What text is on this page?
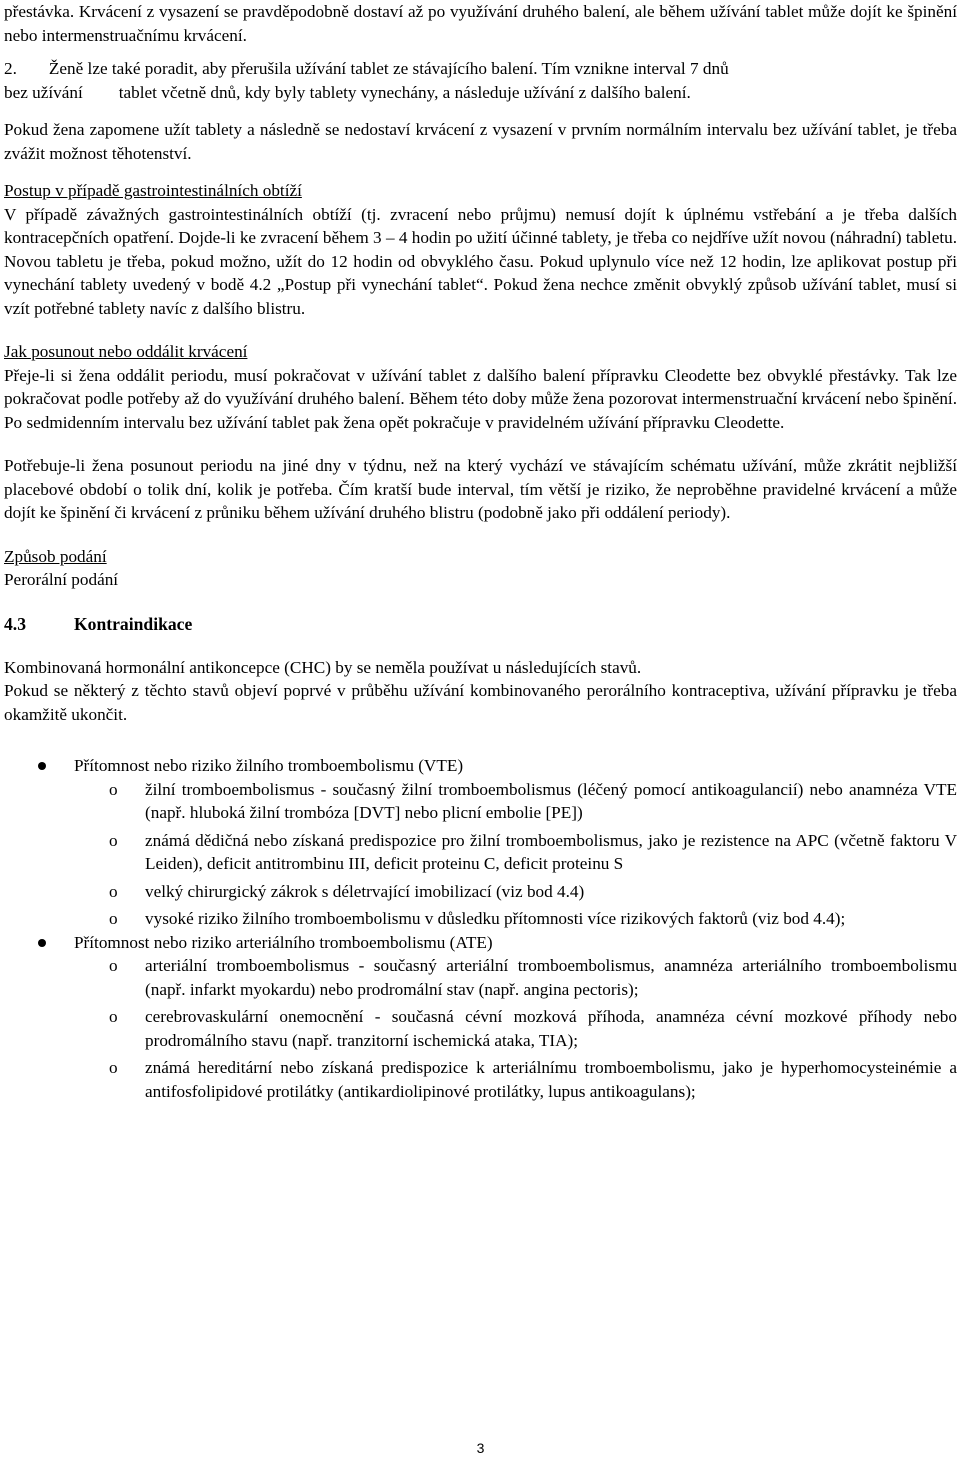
přestávka. Krvácení z vysazení se pravděpodobně dostaví až po využívání druhého balení, ale během užívání tablet může dojít ke špinění nebo intermenstruačnímu krvácení.

2. Ženě lze také poradit, aby přerušila užívání tablet ze stávajícího balení. Tím vznikne interval 7 dnů
bez užívání tablet včetně dnů, kdy byly tablety vynechány, a následuje užívání z dalšího balení.

Pokud žena zapomene užít tablety a následně se nedostaví krvácení z vysazení v prvním normálním intervalu bez užívání tablet, je třeba zvážit možnost těhotenství.

Postup v případě gastrointestinálních obtíží

V případě závažných gastrointestinálních obtíží (tj. zvracení nebo průjmu) nemusí dojít k úplnému vstřebání a je třeba dalších kontracepčních opatření. Dojde-li ke zvracení během 3 – 4 hodin po užití účinné tablety, je třeba co nejdříve užít novou (náhradní) tabletu. Novou tabletu je třeba, pokud možno, užít do 12 hodin od obvyklého času. Pokud uplynulo více než 12 hodin, lze aplikovat postup při vynechání tablety uvedený v bodě 4.2 „Postup při vynechání tablet“. Pokud žena nechce změnit obvyklý způsob užívání tablet, musí si vzít potřebné tablety navíc z dalšího blistru.

Jak posunout nebo oddálit krvácení

Přeje-li si žena oddálit periodu, musí pokračovat v užívání tablet z dalšího balení přípravku Cleodette bez obvyklé přestávky. Tak lze pokračovat podle potřeby až do využívání druhého balení. Během této doby může žena pozorovat intermenstruační krvácení nebo špinění. Po sedmidenním intervalu bez užívání tablet pak žena opět pokračuje v pravidelném užívání přípravku Cleodette.

Potřebuje-li žena posunout periodu na jiné dny v týdnu, než na který vychází ve stávajícím schématu užívání, může zkrátit nejbližší placebové období o tolik dní, kolik je potřeba. Čím kratší bude interval, tím větší je riziko, že neproběhne pravidelné krvácení a může dojít ke špinění či krvácení z průniku během užívání druhého blistru (podobně jako při oddálení periody).

Způsob podání

Perorální podání

4.3	Kontraindikace

Kombinovaná hormonální antikoncepce (CHC) by se neměla používat u následujících stavů.

Pokud se některý z těchto stavů objeví poprvé v průběhu užívání kombinovaného perorálního kontraceptiva, užívání přípravku je třeba okamžitě ukončit.

Přítomnost nebo riziko žilního tromboembolismu (VTE)
o žilní tromboembolismus - současný žilní tromboembolismus (léčený pomocí antikoagulancií) nebo anamnéza VTE (např. hluboká žilní trombóza [DVT] nebo plicní embolie [PE])
o známá dědičná nebo získaná predispozice pro žilní tromboembolismus, jako je rezistence na APC (včetně faktoru V Leiden), deficit antitrombinu III, deficit proteinu C, deficit proteinu S
o velký chirurgický zákrok s déletrvající imobilizací (viz bod 4.4)
o vysoké riziko žilního tromboembolismu v důsledku přítomnosti více rizikových faktorů (viz bod 4.4);
Přítomnost nebo riziko arteriálního tromboembolismu (ATE)
o arteriální tromboembolismus - současný arteriální tromboembolismus, anamnéza arteriálního tromboembolismu (např. infarkt myokardu) nebo prodromální stav (např. angina pectoris);
o cerebrovaskulární onemocnění - současná cévní mozková příhoda, anamnéza cévní mozkové příhody nebo prodromálního stavu (např. tranzitorní ischemická ataka, TIA);
o známá hereditární nebo získaná predispozice k arteriálnímu tromboembolismu, jako je hyperhomocysteinémie a antifosfolipidové protilátky (antikardiolipinové protilátky, lupus antikoagulans);
3
